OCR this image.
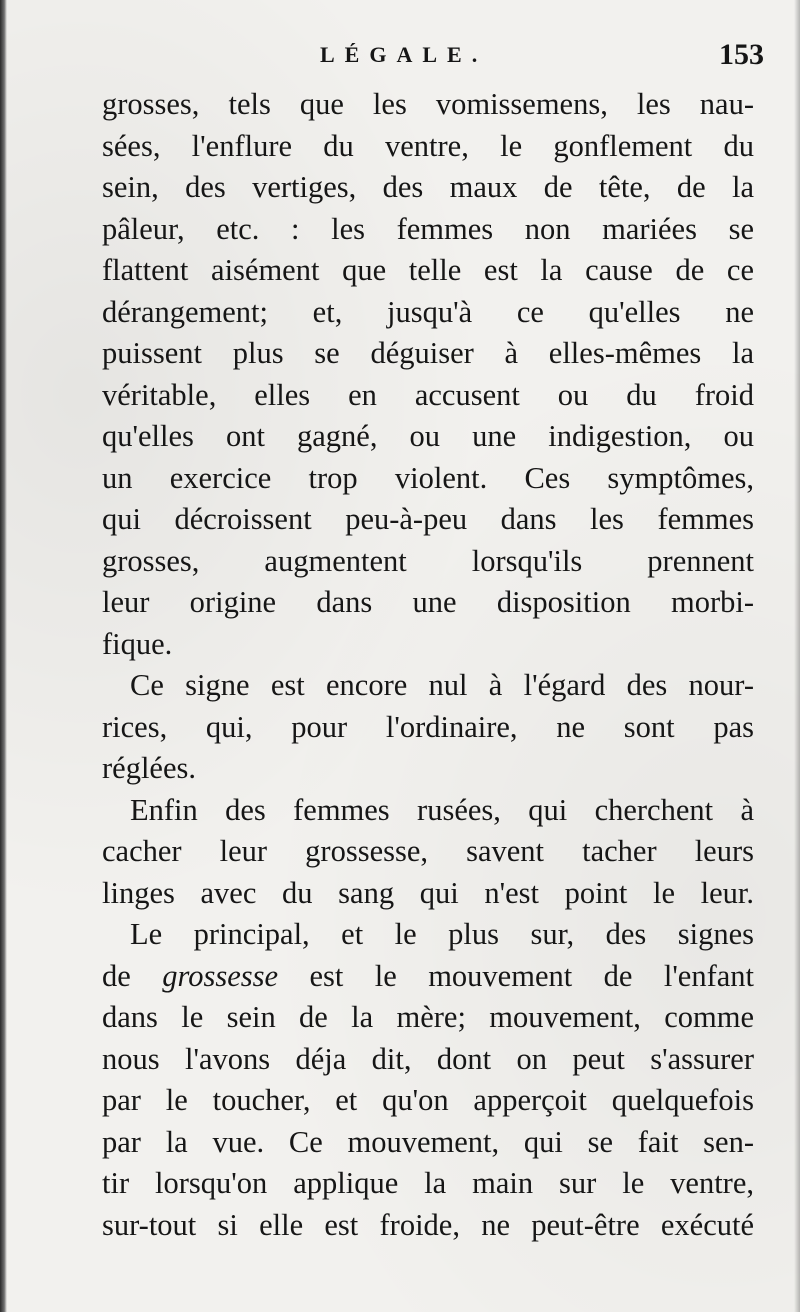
LÉGALE.	153
grosses, tels que les vomissemens, les nau-
sées, l'enflure du ventre, le gonflement du
sein, des vertiges, des maux de tête, de la
pâleur, etc. : les femmes non mariées se
flattent aisément que telle est la cause de ce
dérangement; et, jusqu'à ce qu'elles ne
puissent plus se déguiser à elles-mêmes la
véritable, elles en accusent ou du froid
qu'elles ont gagné, ou une indigestion, ou
un exercice trop violent. Ces symptômes,
qui décroissent peu-à-peu dans les femmes
grosses, augmentent lorsqu'ils prennent
leur origine dans une disposition morbi-
fique.
Ce signe est encore nul à l'égard des nour-
rices, qui, pour l'ordinaire, ne sont pas
réglées.
Enfin des femmes rusées, qui cherchent à
cacher leur grossesse, savent tacher leurs
linges avec du sang qui n'est point le leur.
Le principal, et le plus sur, des signes
de grossesse est le mouvement de l'enfant
dans le sein de la mère; mouvement, comme
nous l'avons déja dit, dont on peut s'assurer
par le toucher, et qu'on apperçoit quelquefois
par la vue. Ce mouvement, qui se fait sen-
tir lorsqu'on applique la main sur le ventre,
sur-tout si elle est froide, ne peut-être exécuté
